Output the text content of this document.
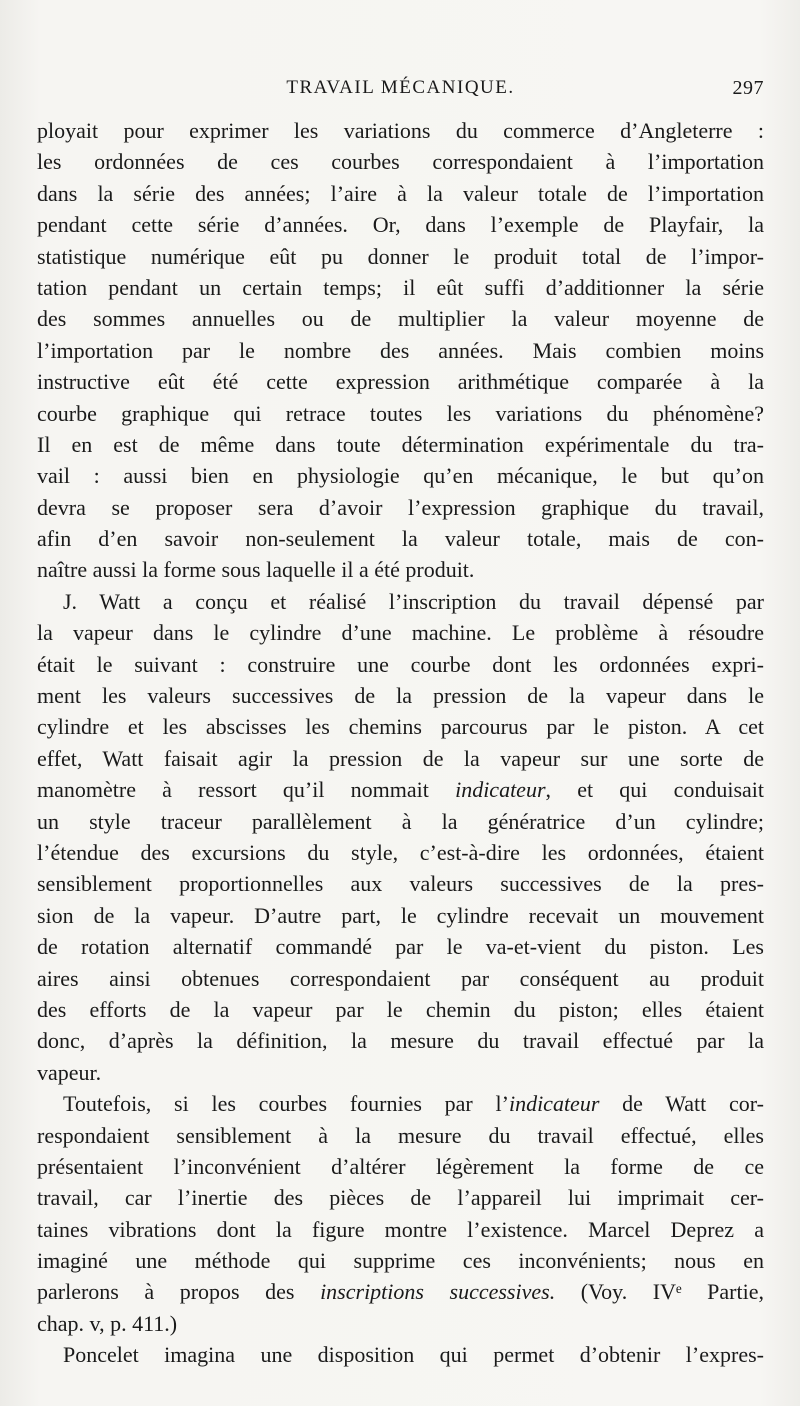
TRAVAIL MÉCANIQUE.	297
ployait pour exprimer les variations du commerce d’Angleterre :
les ordonnées de ces courbes correspondaient à l’importation
dans la série des années; l’aire à la valeur totale de l’importation
pendant cette série d’années. Or, dans l’exemple de Playfair, la
statistique numérique eût pu donner le produit total de l’impor-
tation pendant un certain temps; il eût suffi d’additionner la série
des sommes annuelles ou de multiplier la valeur moyenne de
l’importation par le nombre des années. Mais combien moins
instructive eût été cette expression arithmétique comparée à la
courbe graphique qui retrace toutes les variations du phénomène?
Il en est de même dans toute détermination expérimentale du tra-
vail : aussi bien en physiologie qu’en mécanique, le but qu’on
devra se proposer sera d’avoir l’expression graphique du travail,
afin d’en savoir non-seulement la valeur totale, mais de con-
naître aussi la forme sous laquelle il a été produit.
J. Watt a conçu et réalisé l’inscription du travail dépensé par
la vapeur dans le cylindre d’une machine. Le problème à résoudre
était le suivant : construire une courbe dont les ordonnées expri-
ment les valeurs successives de la pression de la vapeur dans le
cylindre et les abscisses les chemins parcourus par le piston. A cet
effet, Watt faisait agir la pression de la vapeur sur une sorte de
manomètre à ressort qu’il nommait indicateur, et qui conduisait
un style traceur parallèlement à la génératrice d’un cylindre;
l’étendue des excursions du style, c’est-à-dire les ordonnées, étaient
sensiblement proportionnelles aux valeurs successives de la pres-
sion de la vapeur. D’autre part, le cylindre recevait un mouvement
de rotation alternatif commandé par le va-et-vient du piston. Les
aires ainsi obtenues correspondaient par conséquent au produit
des efforts de la vapeur par le chemin du piston; elles étaient
donc, d’après la définition, la mesure du travail effectué par la
vapeur.
Toutefois, si les courbes fournies par l’indicateur de Watt cor-
respondaient sensiblement à la mesure du travail effectué, elles
présentaient l’inconvénient d’altérer légèrement la forme de ce
travail, car l’inertie des pièces de l’appareil lui imprimait cer-
taines vibrations dont la figure montre l’existence. Marcel Deprez a
imaginé une méthode qui supprime ces inconvénients; nous en
parlerons à propos des inscriptions successives. (Voy. IVᵉ Partie,
chap. v, p. 411.)
Poncelet imagina une disposition qui permet d’obtenir l’expres-
